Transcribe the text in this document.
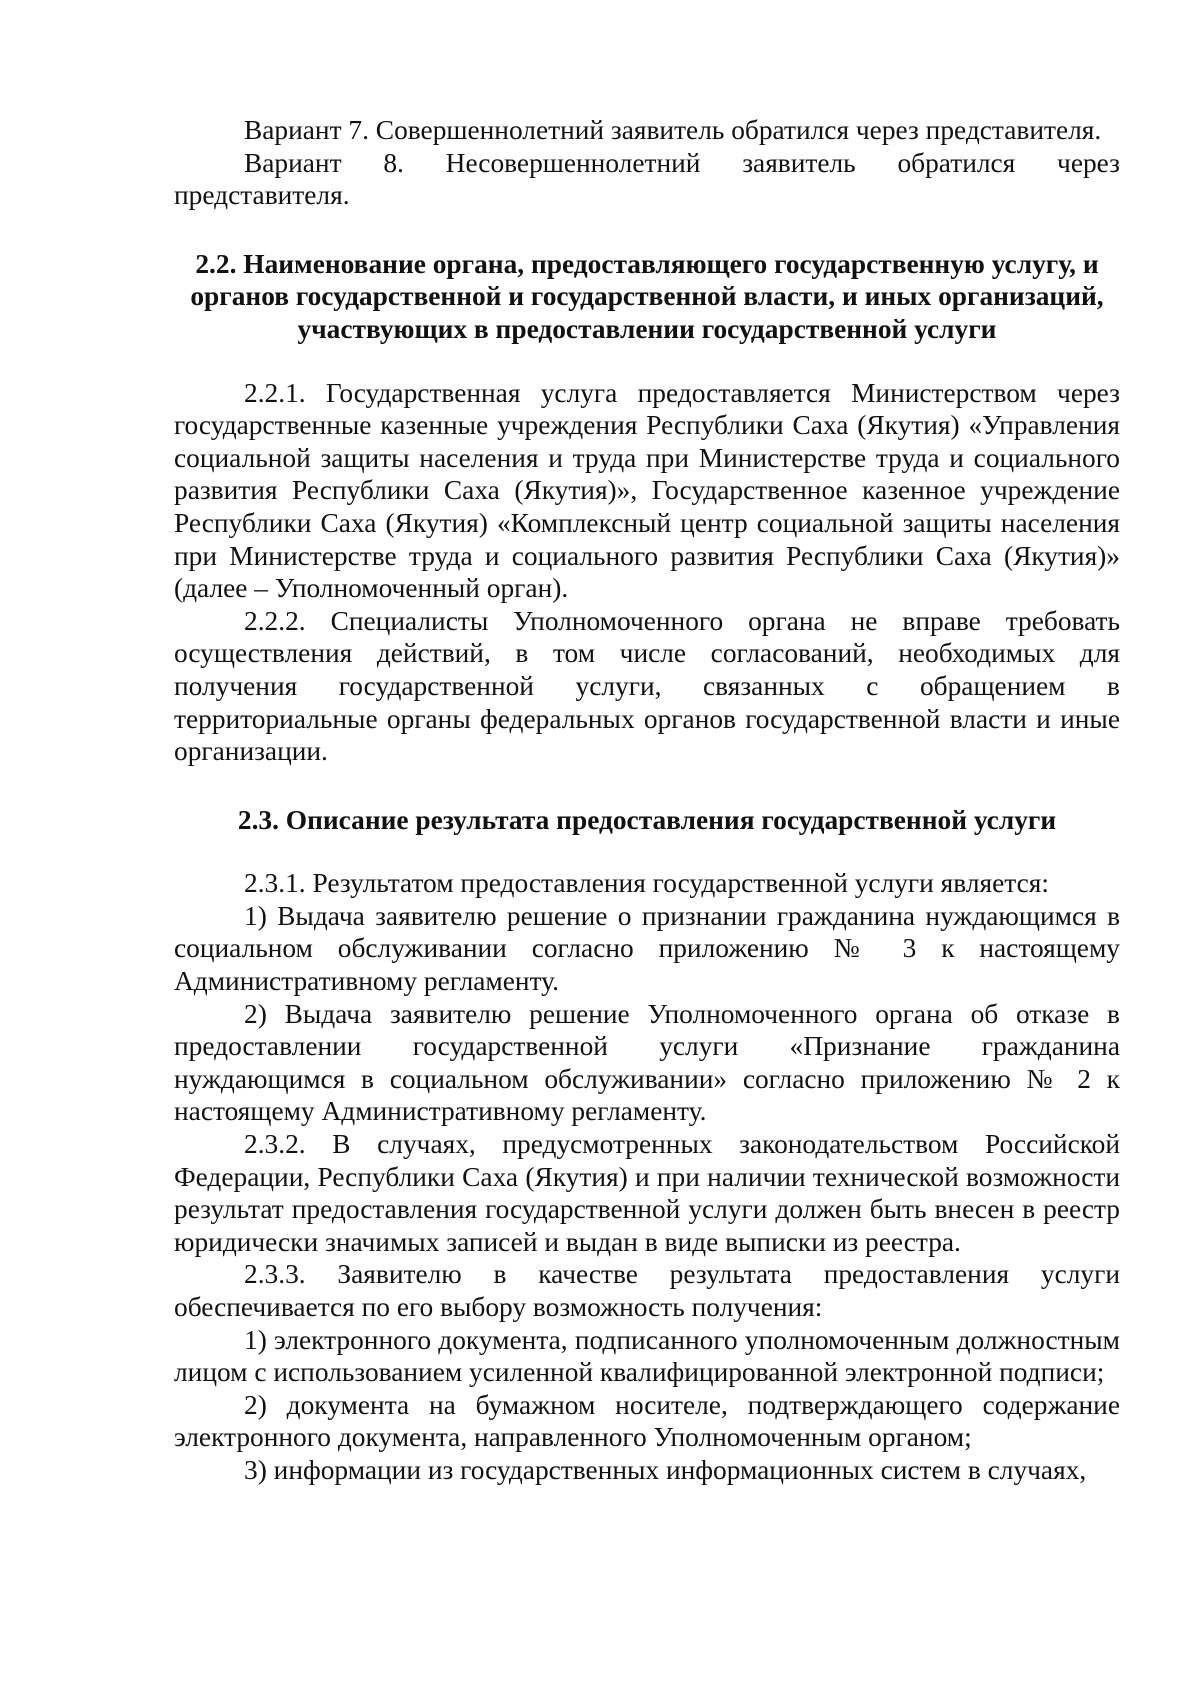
Вариант 7. Совершеннолетний заявитель обратился через представителя.

Вариант 8. Несовершеннолетний заявитель обратился через представителя.

2.2. Наименование органа, предоставляющего государственную услугу, и органов государственной и государственной власти, и иных организаций, участвующих в предоставлении государственной услуги

2.2.1. Государственная услуга предоставляется Министерством через государственные казенные учреждения Республики Саха (Якутия) «Управления социальной защиты населения и труда при Министерстве труда и социального развития Республики Саха (Якутия)», Государственное казенное учреждение Республики Саха (Якутия) «Комплексный центр социальной защиты населения при Министерстве труда и социального развития Республики Саха (Якутия)» (далее – Уполномоченный орган).

2.2.2. Специалисты Уполномоченного органа не вправе требовать осуществления действий, в том числе согласований, необходимых для получения государственной услуги, связанных с обращением в территориальные органы федеральных органов государственной власти и иные организации.

2.3. Описание результата предоставления государственной услуги

2.3.1. Результатом предоставления государственной услуги является:

1) Выдача заявителю решение о признании гражданина нуждающимся в социальном обслуживании согласно приложению № 3 к настоящему Административному регламенту.

2) Выдача заявителю решение Уполномоченного органа об отказе в предоставлении государственной услуги «Признание гражданина нуждающимся в социальном обслуживании» согласно приложению № 2 к настоящему Административному регламенту.

2.3.2. В случаях, предусмотренных законодательством Российской Федерации, Республики Саха (Якутия) и при наличии технической возможности результат предоставления государственной услуги должен быть внесен в реестр юридически значимых записей и выдан в виде выписки из реестра.

2.3.3. Заявителю в качестве результата предоставления услуги обеспечивается по его выбору возможность получения:

1) электронного документа, подписанного уполномоченным должностным лицом с использованием усиленной квалифицированной электронной подписи;

2) документа на бумажном носителе, подтверждающего содержание электронного документа, направленного Уполномоченным органом;

3) информации из государственных информационных систем в случаях,
